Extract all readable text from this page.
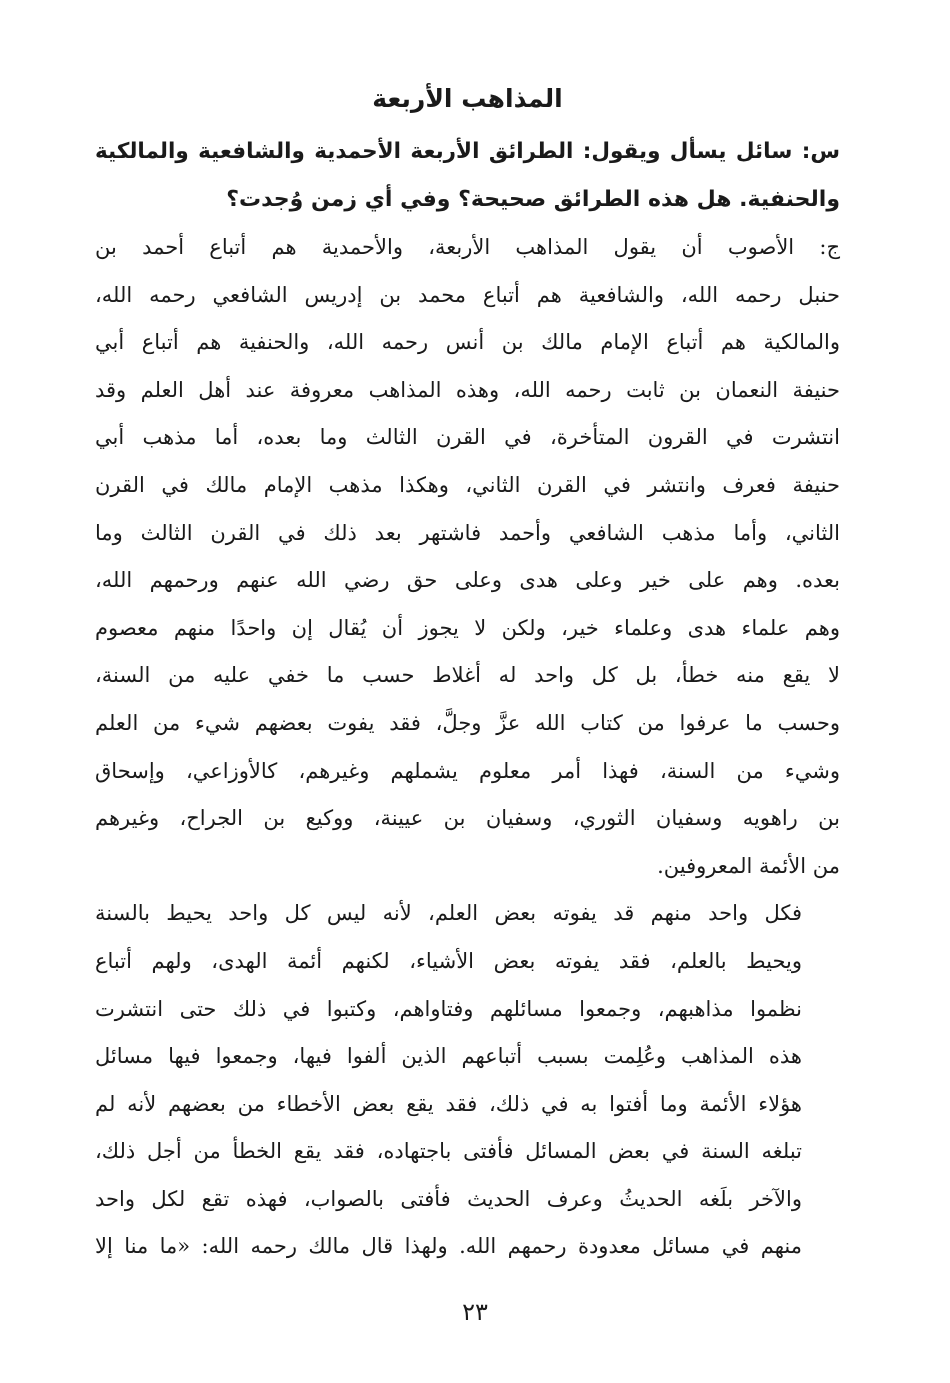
المذاهب الأربعة

س: سائل يسأل ويقول: الطرائق الأربعة الأحمدية والشافعية والمالكية
والحنفية. هل هذه الطرائق صحيحة؟ وفي أي زمن وُجدت؟

ج: الأصوب أن يقول المذاهب الأربعة، والأحمدية هم أتباع أحمد بن
حنبل رحمه الله، والشافعية هم أتباع محمد بن إدريس الشافعي رحمه الله،
والمالكية هم أتباع الإمام مالك بن أنس رحمه الله، والحنفية هم أتباع أبي
حنيفة النعمان بن ثابت رحمه الله، وهذه المذاهب معروفة عند أهل العلم وقد
انتشرت في القرون المتأخرة، في القرن الثالث وما بعده، أما مذهب أبي
حنيفة فعرف وانتشر في القرن الثاني، وهكذا مذهب الإمام مالك في القرن
الثاني، وأما مذهب الشافعي وأحمد فاشتهر بعد ذلك في القرن الثالث وما
بعده. وهم على خير وعلى هدى وعلى حق رضي الله عنهم ورحمهم الله،
وهم علماء هدى وعلماء خير، ولكن لا يجوز أن يُقال إن واحدًا منهم معصوم
لا يقع منه خطأ، بل كل واحد له أغلاط حسب ما خفي عليه من السنة،
وحسب ما عرفوا من كتاب الله عزَّ وجلَّ، فقد يفوت بعضهم شيء من العلم
وشيء من السنة، فهذا أمر معلوم يشملهم وغيرهم، كالأوزاعي، وإسحاق
بن راهويه وسفيان الثوري، وسفيان بن عيينة، ووكيع بن الجراح، وغيرهم
من الأئمة المعروفين.

فكل واحد منهم قد يفوته بعض العلم، لأنه ليس كل واحد يحيط بالسنة
ويحيط بالعلم، فقد يفوته بعض الأشياء، لكنهم أئمة الهدى، ولهم أتباع
نظموا مذاهبهم، وجمعوا مسائلهم وفتاواهم، وكتبوا في ذلك حتى انتشرت
هذه المذاهب وعُلِمت بسبب أتباعهم الذين ألفوا فيها، وجمعوا فيها مسائل
هؤلاء الأئمة وما أفتوا به في ذلك، فقد يقع بعض الأخطاء من بعضهم لأنه لم
تبلغه السنة في بعض المسائل فأفتى باجتهاده، فقد يقع الخطأ من أجل ذلك،
والآخر بلَغه الحديثُ وعرف الحديث فأفتى بالصواب، فهذه تقع لكل واحد
منهم في مسائل معدودة رحمهم الله. ولهذا قال مالك رحمه الله: «ما منا إلا

٢٣
